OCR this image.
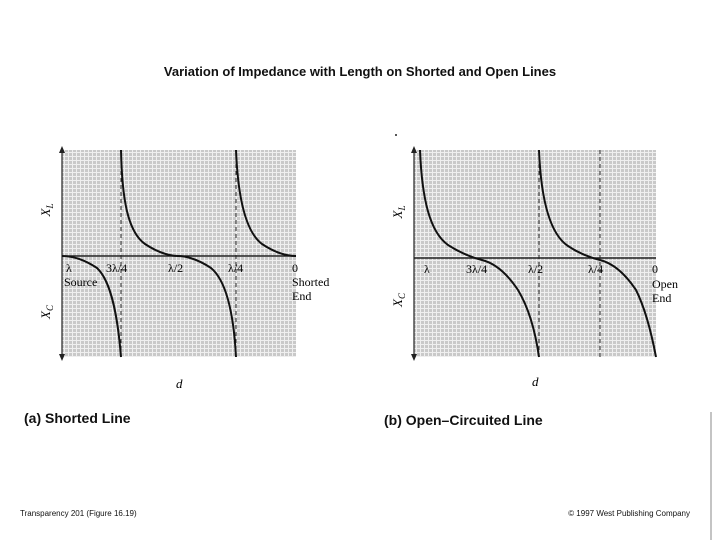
Variation of Impedance with Length on Shorted and Open Lines
$X_L$
$X_C$
λ	3λ/4	λ/2	λ/4	0
Source	Shorted
End
d
$X_L$
$X_C$
λ	3λ/4	λ/2	λ/4	0
Open
End
d
(a) Shorted Line	(b) Open–Circuited Line
Transparency 201 (Figure 16.19)	© 1997 West Publishing Company
